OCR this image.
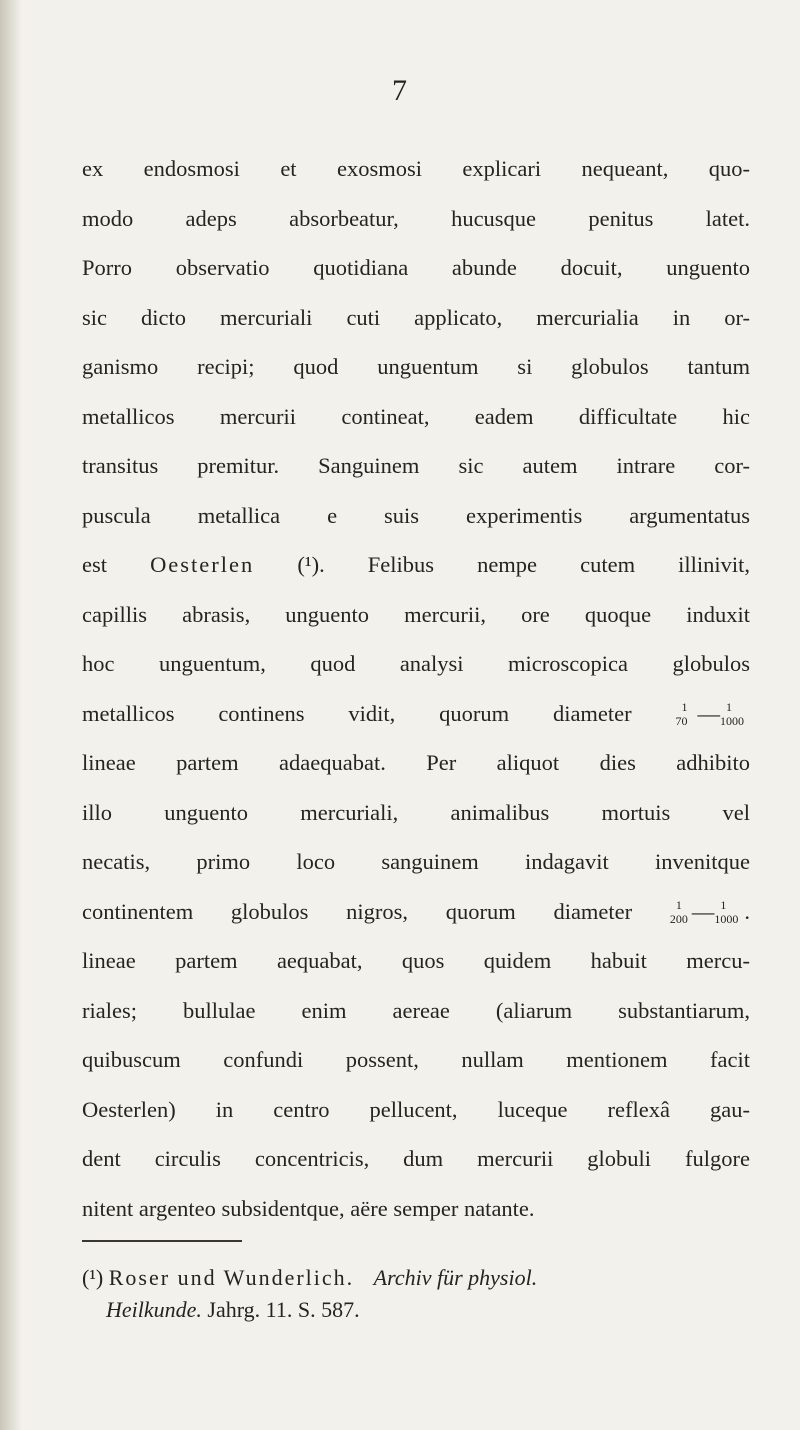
7
ex endosmosi et exosmosi explicari nequeant, quo-
modo adeps absorbeatur, hucusque penitus latet.
Porro observatio quotidiana abunde docuit, unguento
sic dicto mercuriali cuti applicato, mercurialia in or-
ganismo recipi; quod unguentum si globulos tantum
metallicos mercurii contineat, eadem difficultate hic
transitus premitur. Sanguinem sic autem intrare cor-
puscula metallica e suis experimentis argumentatus
est Oesterlen (¹). Felibus nempe cutem illinivit,
capillis abrasis, unguento mercurii, ore quoque induxit
hoc unguentum, quod analysi microscopica globulos
metallicos continens vidit, quorum diameter	1
70 — 1
1000
lineae partem adaequabat. Per aliquot dies adhibito
illo unguento mercuriali, animalibus mortuis vel
necatis, primo loco sanguinem indagavit invenitque
continentem globulos nigros, quorum diameter	1
200 — 1
1000 .
lineae partem aequabat, quos quidem habuit mercu-
riales; bullulae enim aereae (aliarum substantiarum,
quibuscum confundi possent, nullam mentionem facit
Oesterlen) in centro pellucent, luceque reflexâ gau-
dent circulis concentricis, dum mercurii globuli fulgore
nitent argenteo subsidentque, aëre semper natante.
(¹) Roser und Wunderlich. Archiv für physiol.
Heilkunde. Jahrg. 11. S. 587.
